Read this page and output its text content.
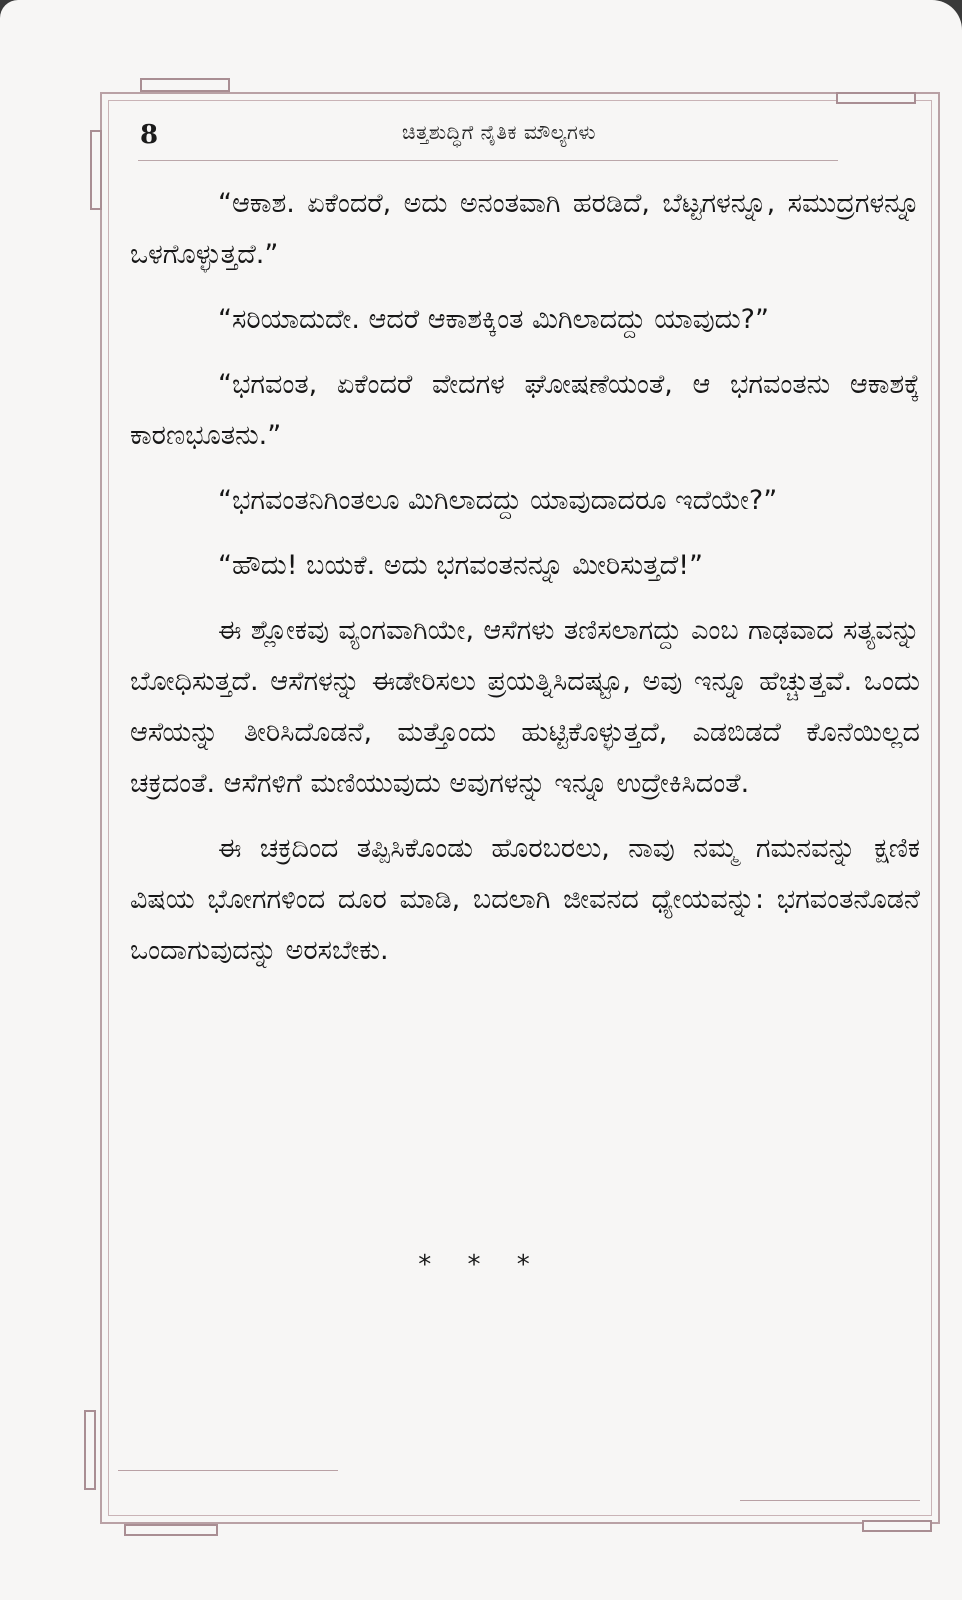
8	ಚಿತ್ತಶುದ್ಧಿಗೆ ನೈತಿಕ ಮೌಲ್ಯಗಳು

“ಆಕಾಶ. ಏಕೆಂದರೆ, ಅದು ಅನಂತವಾಗಿ ಹರಡಿದೆ, ಬೆಟ್ಟಗಳನ್ನೂ, ಸಮುದ್ರಗಳನ್ನೂ ಒಳಗೊಳ್ಳುತ್ತದೆ.”

“ಸರಿಯಾದುದೇ. ಆದರೆ ಆಕಾಶಕ್ಕಿಂತ ಮಿಗಿಲಾದದ್ದು ಯಾವುದು?”

“ಭಗವಂತ, ಏಕೆಂದರೆ ವೇದಗಳ ಘೋಷಣೆಯಂತೆ, ಆ ಭಗವಂತನು ಆಕಾಶಕ್ಕೆ ಕಾರಣಭೂತನು.”

“ಭಗವಂತನಿಗಿಂತಲೂ ಮಿಗಿಲಾದದ್ದು ಯಾವುದಾದರೂ ಇದೆಯೇ?”

“ಹೌದು! ಬಯಕೆ. ಅದು ಭಗವಂತನನ್ನೂ ಮೀರಿಸುತ್ತದೆ!”

ಈ ಶ್ಲೋಕವು ವ್ಯಂಗವಾಗಿಯೇ, ಆಸೆಗಳು ತಣಿಸಲಾಗದ್ದು ಎಂಬ ಗಾಢವಾದ ಸತ್ಯವನ್ನು ಬೋಧಿಸುತ್ತದೆ. ಆಸೆಗಳನ್ನು ಈಡೇರಿಸಲು ಪ್ರಯತ್ನಿಸಿದಷ್ಟೂ, ಅವು ಇನ್ನೂ ಹೆಚ್ಚುತ್ತವೆ. ಒಂದು ಆಸೆಯನ್ನು ತೀರಿಸಿದೊಡನೆ, ಮತ್ತೊಂದು ಹುಟ್ಟಿಕೊಳ್ಳುತ್ತದೆ, ಎಡಬಿಡದೆ ಕೊನೆಯಿಲ್ಲದ ಚಕ್ರದಂತೆ. ಆಸೆಗಳಿಗೆ ಮಣಿಯುವುದು ಅವುಗಳನ್ನು ಇನ್ನೂ ಉದ್ರೇಕಿಸಿದಂತೆ.

ಈ ಚಕ್ರದಿಂದ ತಪ್ಪಿಸಿಕೊಂಡು ಹೊರಬರಲು, ನಾವು ನಮ್ಮ ಗಮನವನ್ನು ಕ್ಷಣಿಕ ವಿಷಯ ಭೋಗಗಳಿಂದ ದೂರ ಮಾಡಿ, ಬದಲಾಗಿ ಜೀವನದ ಧ್ಯೇಯವನ್ನು: ಭಗವಂತನೊಡನೆ ಒಂದಾಗುವುದನ್ನು ಅರಸಬೇಕು.

* * *
